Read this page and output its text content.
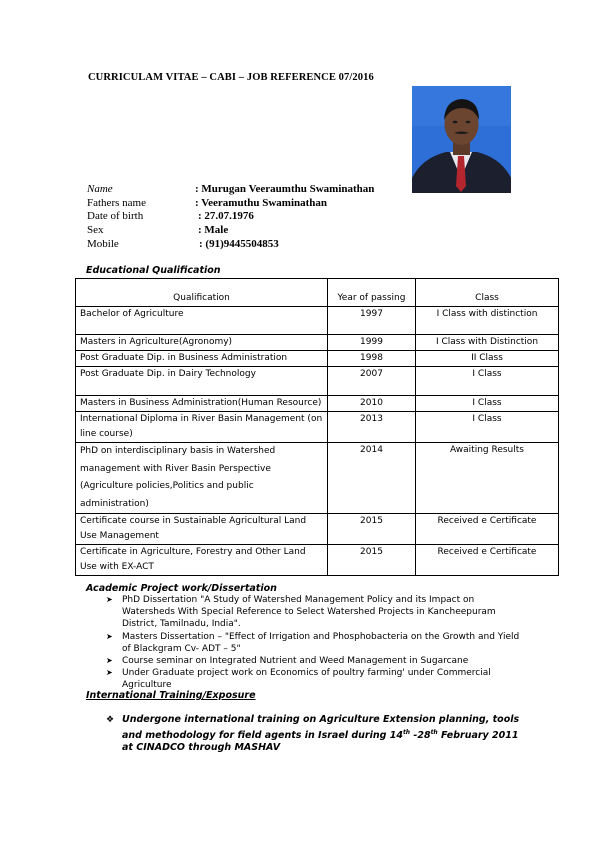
CURRICULAM VITAE – CABI – JOB REFERENCE 07/2016
Name	: Murugan Veeraumthu Swaminathan
Fathers name	: Veeramuthu Swaminathan
Date of birth	: 27.07.1976
Sex	: Male
Mobile	: (91)9445504853
Educational Qualification
Qualification	Year of passing	Class
Bachelor of Agriculture	1997	I Class with distinction
Masters in Agriculture(Agronomy)	1999	I Class with Distinction
Post Graduate Dip. in Business Administration	1998	II Class
Post Graduate Dip. in Dairy Technology	2007	I Class
Masters in Business Administration(Human Resource)	2010	I Class
International Diploma in River Basin Management (on line course)	2013	I Class
PhD on interdisciplinary basis in Watershed management with River Basin Perspective (Agriculture policies,Politics and public administration)	2014	Awaiting Results
Certificate course in Sustainable Agricultural Land Use Management	2015	Received e Certificate
Certificate in Agriculture, Forestry and Other Land Use with EX-ACT	2015	Received e Certificate
Academic Project work/Dissertation
➤ PhD Dissertation "A Study of Watershed Management Policy and its Impact on Watersheds With Special Reference to Select Watershed Projects in Kancheepuram District, Tamilnadu, India".
➤ Masters Dissertation – "Effect of Irrigation and Phosphobacteria on the Growth and Yield of Blackgram Cv- ADT – 5"
➤ Course seminar on Integrated Nutrient and Weed Management in Sugarcane
➤ Under Graduate project work on Economics of poultry farming' under Commercial Agriculture
International Training/Exposure
❖ Undergone international training on Agriculture Extension planning, tools and methodology for field agents in Israel during 14th -28th February 2011 at CINADCO through MASHAV
